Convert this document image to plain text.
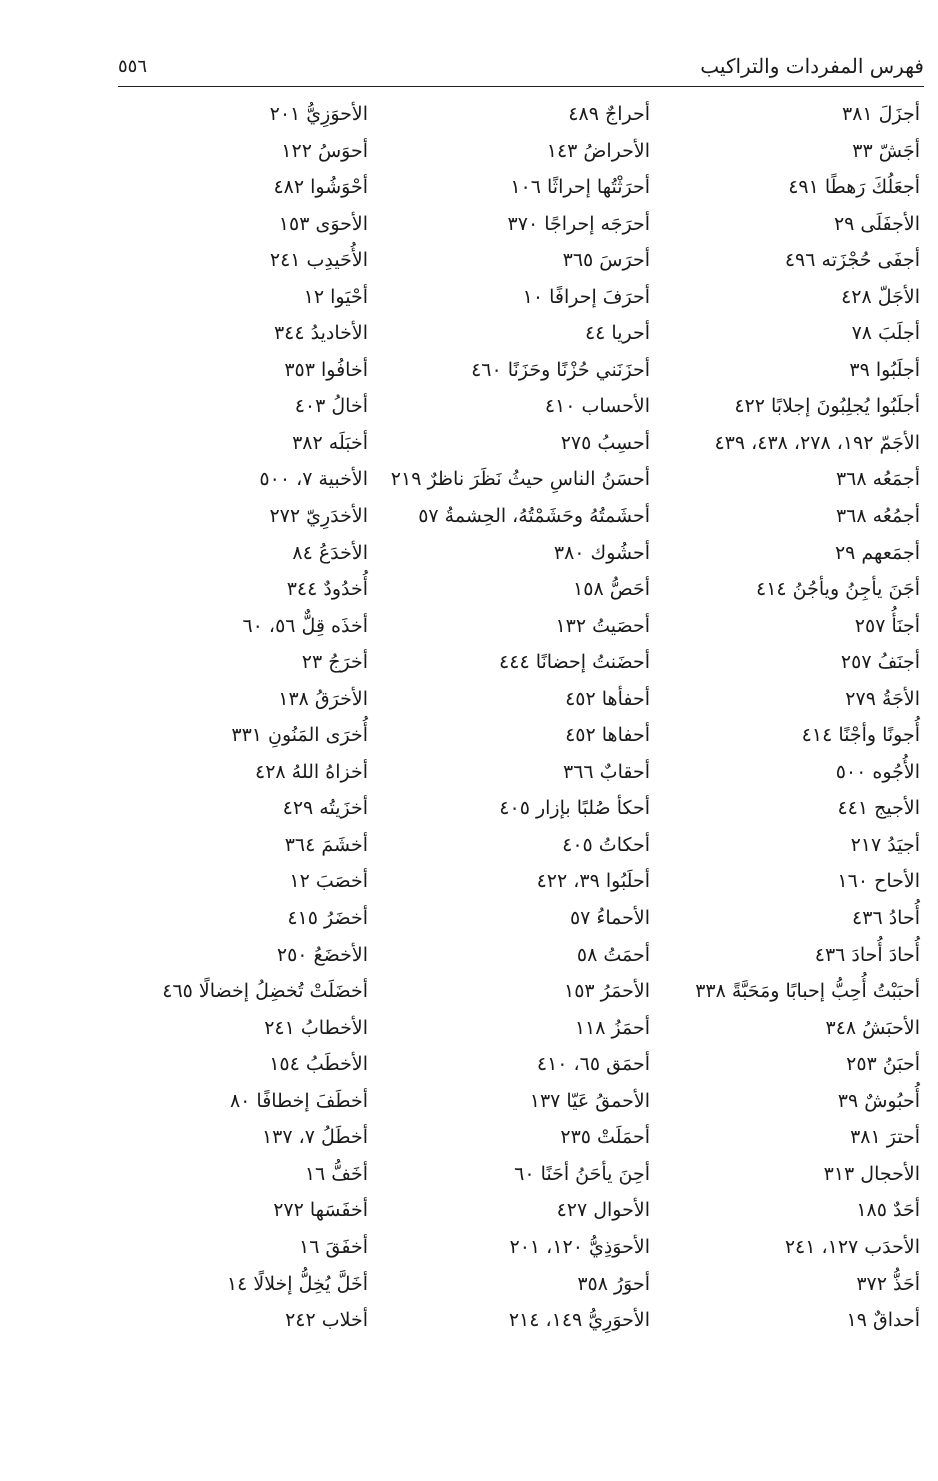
فهرس المفردات والتراكيب
٥٥٦
أجزَلَ ٣٨١
أجَشّ ٣٣
أجعَلُكَ رَهطًا ٤٩١
الأجفَلَى ٢٩
أجفَى حُجْزَته ٤٩٦
الأجَلّ ٤٢٨
أجلَبَ ٧٨
أجلَبُوا ٣٩
أجلَبُوا يُجلِبُونَ إجلابًا ٤٢٢
الأجَمّ ١٩٢، ٢٧٨، ٤٣٨، ٤٣٩
أجمَعُه ٣٦٨
أجمُعُه ٣٦٨
أجمَعهم ٢٩
أجَنَ يأجِنُ ويأجُنُ ٤١٤
أجنَأُ ٢٥٧
أجنَفُ ٢٥٧
الأجَةُ ٢٧٩
أُجونًا وأجْنًا ٤١٤
الأُجُوه ٥٠٠
الأجيج ٤٤١
أجيَدُ ٢١٧
الأحاح ١٦٠
أُحادُ ٤٣٦
أُحادَ أُحادَ ٤٣٦
أحبَبْتُ أُحِبُّ إحبابًا ومَحَبَّةً ٣٣٨
الأحبَشُ ٣٤٨
أحبَنُ ٢٥٣
أُحبُوشٌ ٣٩
أحترَ ٣٨١
الأحجال ٣١٣
أحَدٌ ١٨٥
الأحدَب ١٢٧، ٢٤١
أحَذُّ ٣٧٢
أحداقٌ ١٩
أحراجٌ ٤٨٩
الأحراضُ ١٤٣
أحرَثْتُها إحراثًا ١٠٦
أحرَجَه إحراجًا ٣٧٠
أحرَسَ ٣٦٥
أحرَفَ إحرافًا ١٠
أحريا ٤٤
أحزَنَني حُزْنًا وحَزَنًا ٤٦٠
الأحساب ٤١٠
أحسِبُ ٢٧٥
أحسَنُ الناسِ حيثُ نَظَرَ ناظرٌ ٢١٩
أحشَمتُهُ وحَشَمْتُهُ، الحِشمةُ ٥٧
أحشُوك ٣٨٠
أحَصُّ ١٥٨
أحصَيتُ ١٣٢
أحضَنتُ إحضانًا ٤٤٤
أحفأها ٤٥٢
أحفاها ٤٥٢
أحقابٌ ٣٦٦
أحكأ صُلبًا بإزار ٤٠٥
أحكاتُ ٤٠٥
أحلَبُوا ٣٩، ٤٢٢
الأحماءُ ٥٧
أحمَتُ ٥٨
الأحمَرُ ١٥٣
أحمَزُ ١١٨
أحمَق ٦٥، ٤١٠
الأحمقُ عَيّا ١٣٧
أحمَلَتْ ٢٣٥
أحِنَ يأحَنُ أحَنًا ٦٠
الأحوال ٤٢٧
الأحوَذِيُّ ١٢٠، ٢٠١
أحوَرُ ٣٥٨
الأحوَرِيُّ ١٤٩، ٢١٤
الأحوَزِيُّ ٢٠١
أحوَسُ ١٢٢
أحْوَشُوا ٤٨٢
الأحوَى ١٥٣
الأُحَيدِب ٢٤١
أحْيَوا ١٢
الأخاديدُ ٣٤٤
أخافُوا ٣٥٣
أخالُ ٤٠٣
أخبَلَه ٣٨٢
الأخبية ٧، ٥٠٠
الأخدَرِيّ ٢٧٢
الأخدَعُ ٨٤
أُخدُودٌ ٣٤٤
أخذَه قِلٌّ ٥٦، ٦٠
أخرَجُ ٢٣
الأخرَقُ ١٣٨
أُخرَى المَنُونِ ٣٣١
أخزاهُ اللهُ ٤٢٨
أخزَيتُه ٤٢٩
أخشَمَ ٣٦٤
أخصَبَ ١٢
أخضَرُ ٤١٥
الأخضَعُ ٢٥٠
أخضَلَتْ تُخضِلُ إخضالًا ٤٦٥
الأخطابُ ٢٤١
الأخطَبُ ١٥٤
أخطَفَ إخطافًا ٨٠
أخطَلُ ٧، ١٣٧
أخَفُّ ١٦
أخفَسَها ٢٧٢
أخفَقَ ١٦
أخَلَّ يُخِلُّ إخلالًا ١٤
أخلاب ٢٤٢
